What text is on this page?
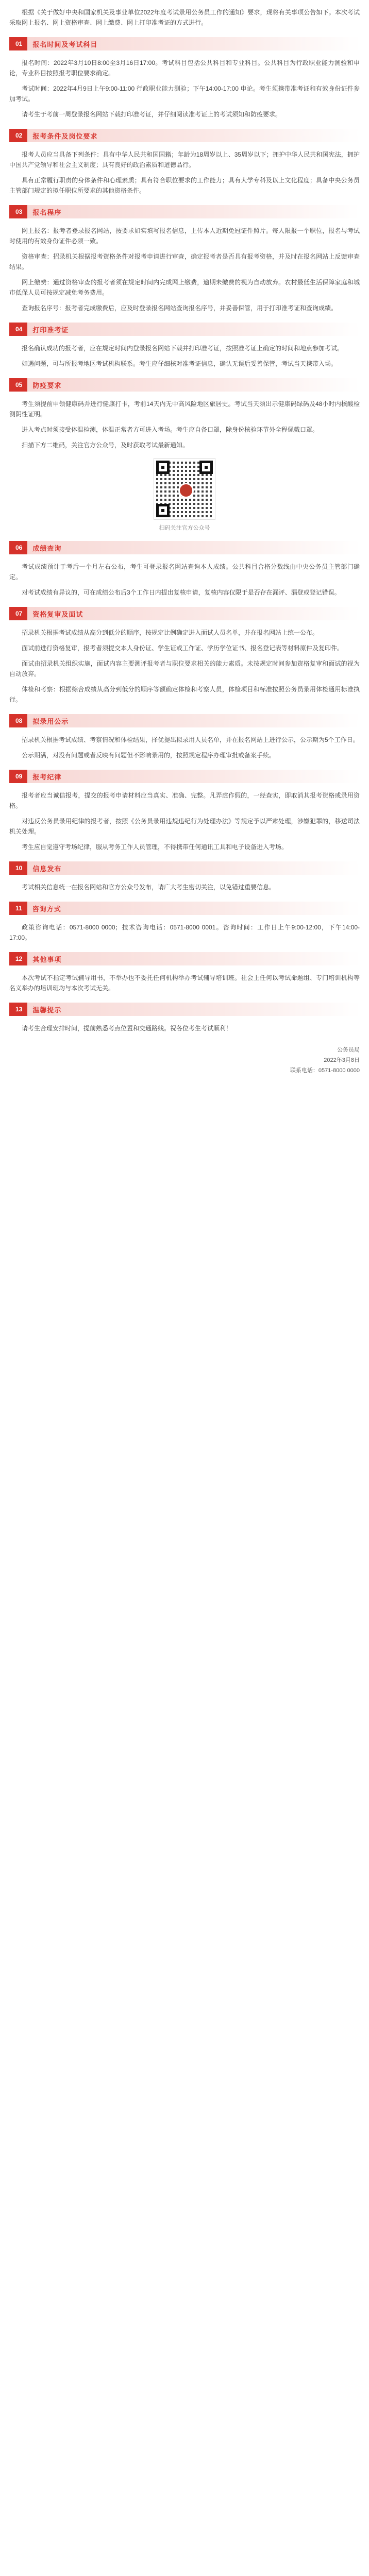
根据《关于做好中央和国家机关及事业单位2022年度考试录用公务员工作的通知》要求，现将有关事项公告如下。本次考试采取网上报名、网上资格审查、网上缴费、网上打印准考证的方式进行。

01	报名时间及考试科目

报名时间：2022年3月10日8:00至3月16日17:00。考试科目包括公共科目和专业科目。公共科目为行政职业能力测验和申论，专业科目按照报考职位要求确定。

考试时间：2022年4月9日上午9:00-11:00 行政职业能力测验；下午14:00-17:00 申论。考生须携带准考证和有效身份证件参加考试。

请考生于考前一周登录报名网站下载打印准考证，并仔细阅读准考证上的考试须知和防疫要求。

02	报考条件及岗位要求

报考人员应当具备下列条件：具有中华人民共和国国籍；年龄为18周岁以上、35周岁以下；拥护中华人民共和国宪法，拥护中国共产党领导和社会主义制度；具有良好的政治素质和道德品行。

具有正常履行职责的身体条件和心理素质；具有符合职位要求的工作能力；具有大学专科及以上文化程度；具备中央公务员主管部门规定的拟任职位所要求的其他资格条件。

03	报名程序

网上报名：报考者登录报名网站，按要求如实填写报名信息，上传本人近期免冠证件照片。每人限报一个职位，报名与考试时使用的有效身份证件必须一致。

资格审查：招录机关根据报考资格条件对报考申请进行审查，确定报考者是否具有报考资格，并及时在报名网站上反馈审查结果。

网上缴费：通过资格审查的报考者须在规定时间内完成网上缴费，逾期未缴费的视为自动放弃。农村最低生活保障家庭和城市低保人员可按规定减免考务费用。

查询报名序号：报考者完成缴费后，应及时登录报名网站查询报名序号，并妥善保管，用于打印准考证和查询成绩。

04	打印准考证

报名确认成功的报考者，应在规定时间内登录报名网站下载并打印准考证，按照准考证上确定的时间和地点参加考试。

如遇问题，可与所报考地区考试机构联系。考生应仔细核对准考证信息，确认无误后妥善保管，考试当天携带入场。

05	防疫要求

考生须提前申领健康码并进行健康打卡，考前14天内无中高风险地区旅居史。考试当天须出示健康码绿码及48小时内核酸检测阴性证明。

进入考点时须接受体温检测，体温正常者方可进入考场。考生应自备口罩，除身份核验环节外全程佩戴口罩。

扫描下方二维码，关注官方公众号，及时获取考试最新通知。

扫码关注官方公众号
06	成绩查询

考试成绩预计于考后一个月左右公布，考生可登录报名网站查询本人成绩。公共科目合格分数线由中央公务员主管部门确定。

对考试成绩有异议的，可在成绩公布后3个工作日内提出复核申请，复核内容仅限于是否存在漏评、漏登或登记错误。

07	资格复审及面试

招录机关根据考试成绩从高分到低分的顺序，按规定比例确定进入面试人员名单，并在报名网站上统一公布。

面试前进行资格复审，报考者须提交本人身份证、学生证或工作证、学历学位证书、报名登记表等材料原件及复印件。

面试由招录机关组织实施，面试内容主要测评报考者与职位要求相关的能力素质。未按规定时间参加资格复审和面试的视为自动放弃。

体检和考察：根据综合成绩从高分到低分的顺序等额确定体检和考察人员，体检项目和标准按照公务员录用体检通用标准执行。

08	拟录用公示

招录机关根据考试成绩、考察情况和体检结果，择优提出拟录用人员名单，并在报名网站上进行公示，公示期为5个工作日。

公示期满，对没有问题或者反映有问题但不影响录用的，按照规定程序办理审批或备案手续。

09	报考纪律

报考者应当诚信报考，提交的报考申请材料应当真实、准确、完整。凡弄虚作假的，一经查实，即取消其报考资格或录用资格。

对违反公务员录用纪律的报考者，按照《公务员录用违规违纪行为处理办法》等规定予以严肃处理，涉嫌犯罪的，移送司法机关处理。

考生应自觉遵守考场纪律，服从考务工作人员管理，不得携带任何通讯工具和电子设备进入考场。

10	信息发布

考试相关信息统一在报名网站和官方公众号发布，请广大考生密切关注，以免错过重要信息。

11	咨询方式

政策咨询电话：0571-8000 0000；技术咨询电话：0571-8000 0001。咨询时间：工作日上午9:00-12:00，下午14:00-17:00。

12	其他事项

本次考试不指定考试辅导用书，不举办也不委托任何机构举办考试辅导培训班。社会上任何以考试命题组、专门培训机构等名义举办的培训班均与本次考试无关。

13	温馨提示

请考生合理安排时间，提前熟悉考点位置和交通路线。祝各位考生考试顺利！

公务员局
2022年3月8日
联系电话：0571-8000 0000
